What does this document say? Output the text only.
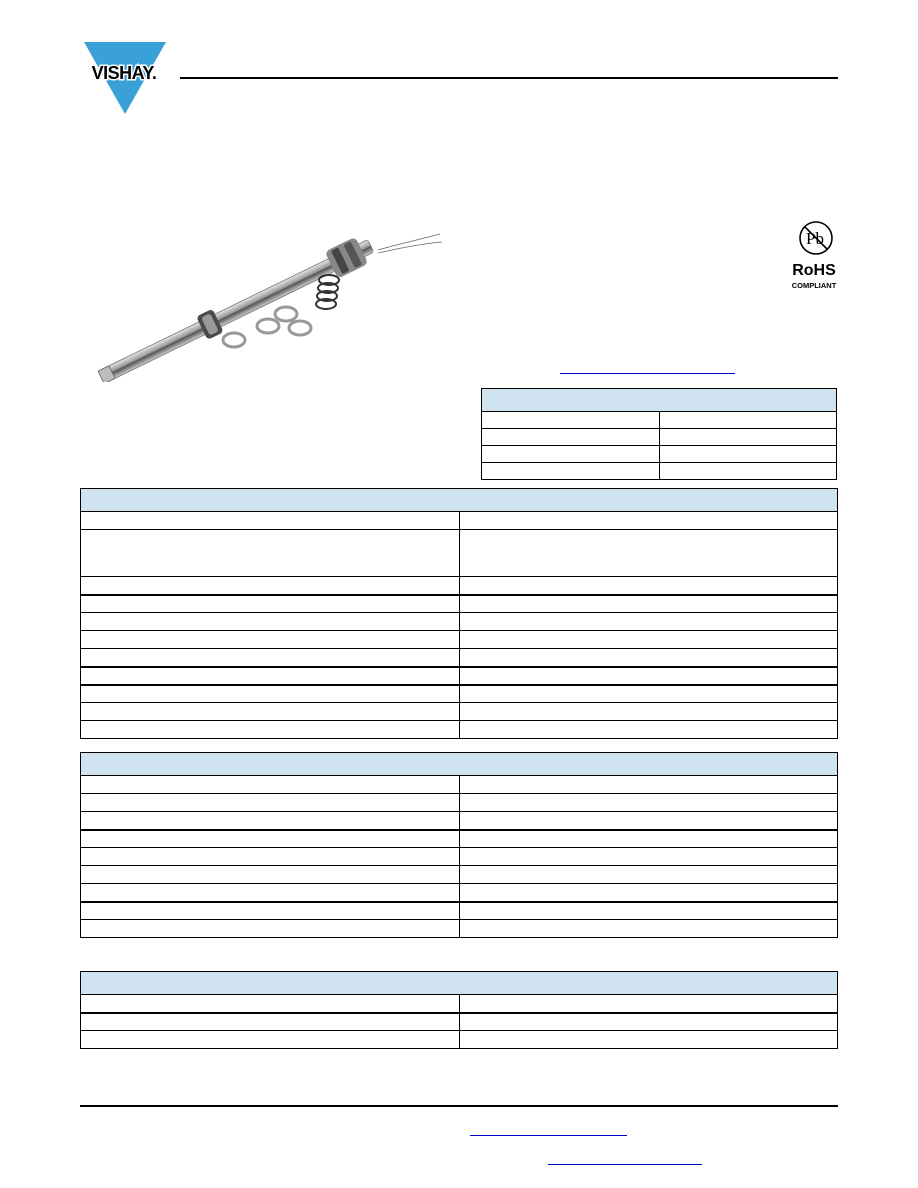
VISHAY.
Pb
RoHS
COMPLIANT
